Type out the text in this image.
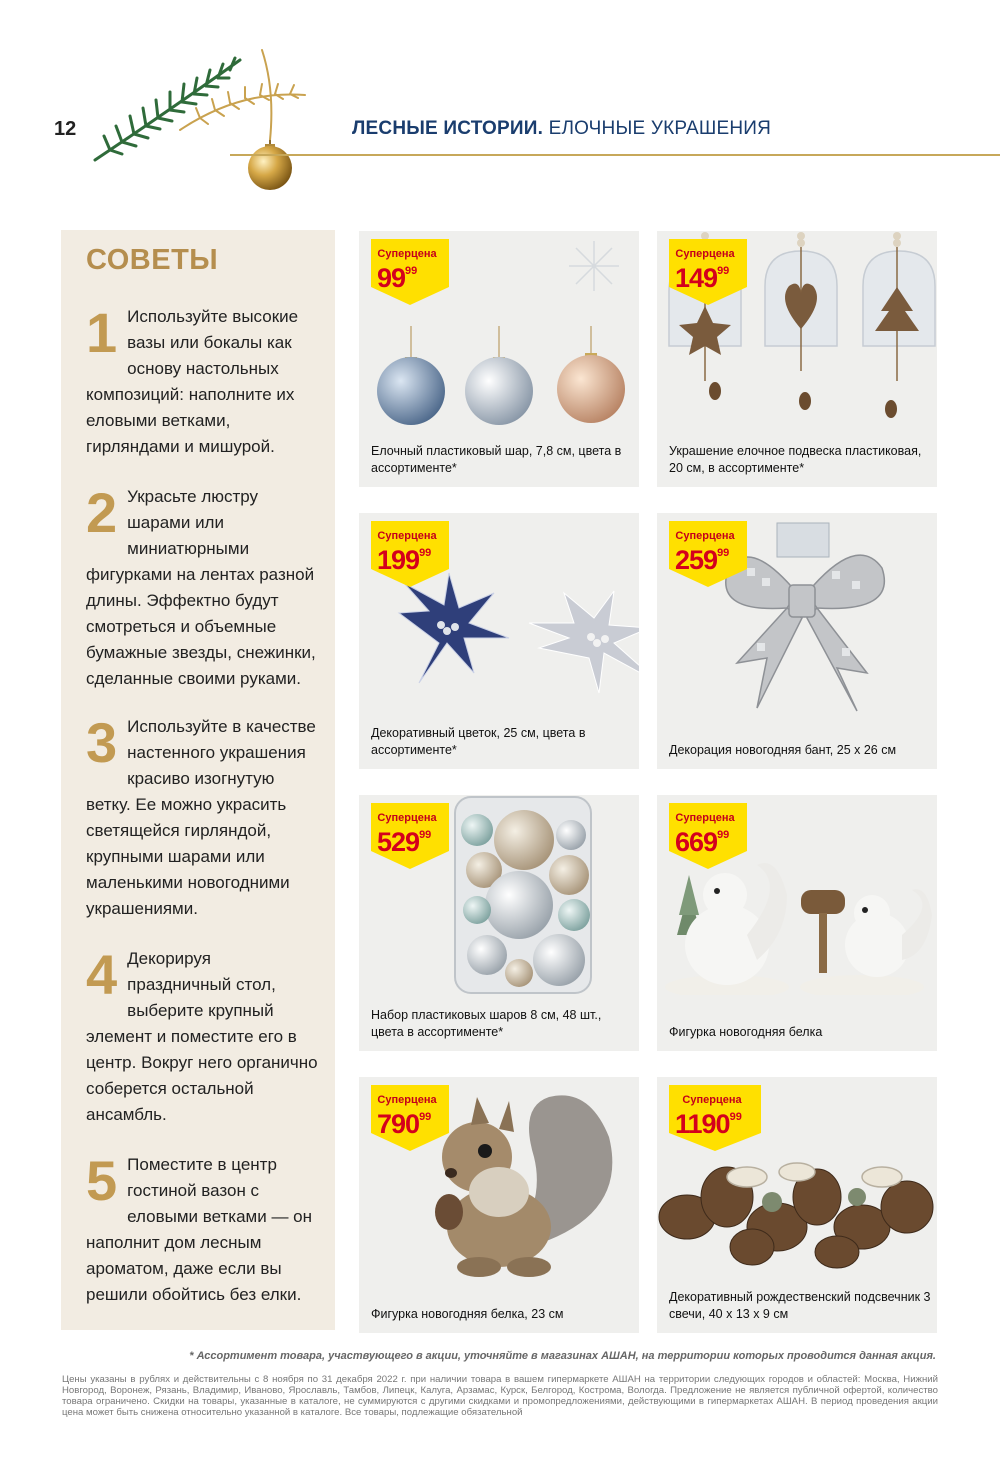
12	ЛЕСНЫЕ ИСТОРИИ. ЕЛОЧНЫЕ УКРАШЕНИЯ
СОВЕТЫ
1 Используйте высокие вазы или бокалы как основу настольных композиций: наполните их еловыми ветками, гирляндами и мишурой.
2 Украсьте люстру шарами или миниатюрными фигурками на лентах разной длины. Эффектно будут смотреться и объемные бумажные звезды, снежинки, сделанные своими руками.
3 Используйте в качестве настенного украшения красиво изогнутую ветку. Ее можно украсить светящейся гирляндой, крупными шарами или маленькими новогодними украшениями.
4 Декорируя праздничный стол, выберите крупный элемент и поместите его в центр. Вокруг него органично соберется остальной ансамбль.
5 Поместите в центр гостиной вазон с еловыми ветками — он наполнит дом лесным ароматом, даже если вы решили обойтись без елки.
Суперцена
$99^{99}$
Елочный пластиковый шар, 7,8 см, цвета в ассортименте*
Суперцена
$149^{99}$
Украшение елочное подвеска пластиковая, 20 см, в ассортименте*
Суперцена
$199^{99}$
Декоративный цветок, 25 см, цвета в ассортименте*
Суперцена
$259^{99}$
Декорация новогодняя бант, 25 х 26 см
Суперцена
$529^{99}$
Набор пластиковых шаров 8 см, 48 шт., цвета в ассортименте*
Суперцена
$669^{99}$
Фигурка новогодняя белка
Суперцена
$790^{99}$
Фигурка новогодняя белка, 23 см
Суперцена
1190$^{99}$
Декоративный рождественский подсвечник 3 свечи, 40 х 13 х 9 см
* Ассортимент товара, участвующего в акции, уточняйте в магазинах АШАН, на территории которых проводится данная акция.
Цены указаны в рублях и действительны с 8 ноября по 31 декабря 2022 г. при наличии товара в вашем гипермаркете АШАН на территории следующих городов и областей: Москва, Нижний Новгород, Воронеж, Рязань, Владимир, Иваново, Ярославль, Тамбов, Липецк, Калуга, Арзамас, Курск, Белгород, Кострома, Вологда. Предложение не является публичной офертой, количество товара ограничено. Скидки на товары, указанные в каталоге, не суммируются с другими скидками и промопредложениями, действующими в гипермаркетах АШАН. В период проведения акции цена может быть снижена относительно указанной в каталоге. Все товары, подлежащие обязательной
